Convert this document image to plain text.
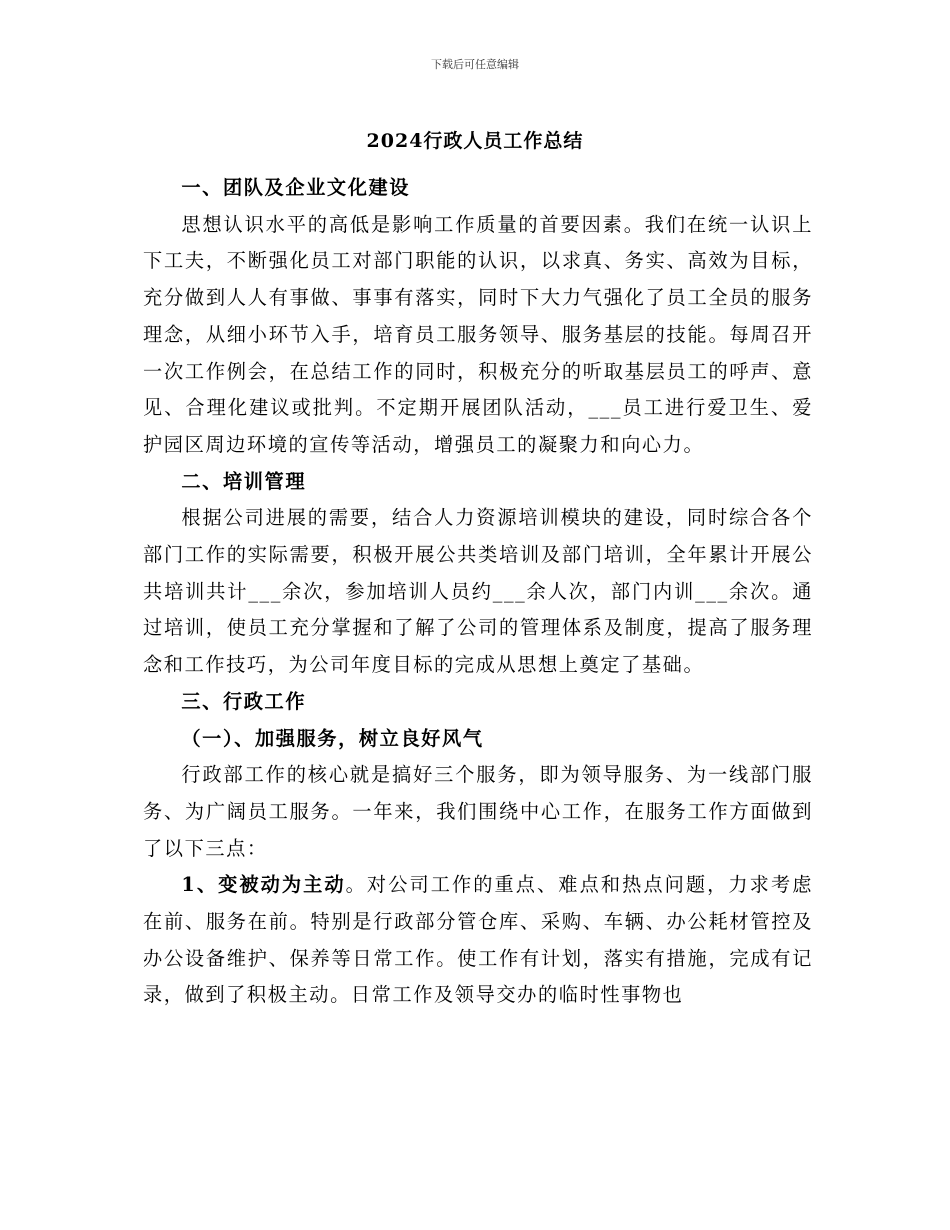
下载后可任意编辑
2024行政人员工作总结
一、团队及企业文化建设

思想认识水平的高低是影响工作质量的首要因素。我们在统一认识上下工夫，不断强化员工对部门职能的认识，以求真、务实、高效为目标，充分做到人人有事做、事事有落实，同时下大力气强化了员工全员的服务理念，从细小环节入手，培育员工服务领导、服务基层的技能。每周召开一次工作例会，在总结工作的同时，积极充分的听取基层员工的呼声、意见、合理化建议或批判。不定期开展团队活动，___员工进行爱卫生、爱护园区周边环境的宣传等活动，增强员工的凝聚力和向心力。

二、培训管理

根据公司进展的需要，结合人力资源培训模块的建设，同时综合各个部门工作的实际需要，积极开展公共类培训及部门培训，全年累计开展公共培训共计___余次，参加培训人员约___余人次，部门内训___余次。通过培训，使员工充分掌握和了解了公司的管理体系及制度，提高了服务理念和工作技巧，为公司年度目标的完成从思想上奠定了基础。

三、行政工作
（一）、加强服务，树立良好风气

行政部工作的核心就是搞好三个服务，即为领导服务、为一线部门服务、为广阔员工服务。一年来，我们围绕中心工作，在服务工作方面做到了以下三点：

1、变被动为主动。对公司工作的重点、难点和热点问题，力求考虑在前、服务在前。特别是行政部分管仓库、采购、车辆、办公耗材管控及办公设备维护、保养等日常工作。使工作有计划，落实有措施，完成有记录，做到了积极主动。日常工作及领导交办的临时性事物也
